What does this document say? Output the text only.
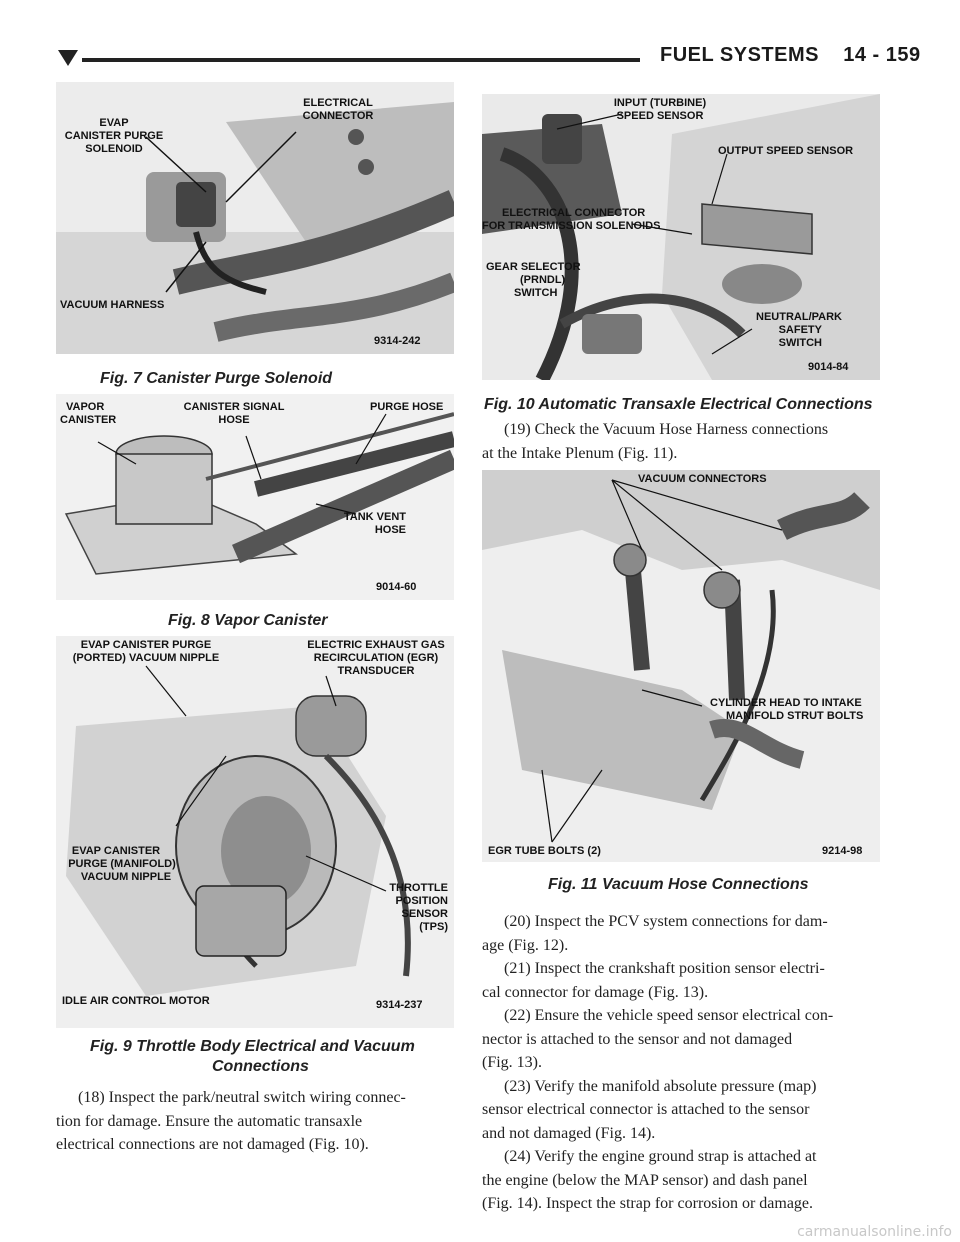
FUEL SYSTEMS 14 - 159
EVAP
CANISTER PURGE
SOLENOID
ELECTRICAL
CONNECTOR
VACUUM HARNESS
9314-242
Fig. 7 Canister Purge Solenoid
VAPOR
CANISTER
CANISTER SIGNAL
HOSE
PURGE HOSE
TANK VENT
HOSE
9014-60
Fig. 8 Vapor Canister
EVAP CANISTER PURGE
(PORTED) VACUUM NIPPLE
ELECTRIC EXHAUST GAS
RECIRCULATION (EGR)
TRANSDUCER
EVAP CANISTER
PURGE (MANIFOLD)
VACUUM NIPPLE
THROTTLE
POSITION
SENSOR
(TPS)
IDLE AIR CONTROL MOTOR	9314-237
Fig. 9 Throttle Body Electrical and Vacuum
Connections

(18) Inspect the park/neutral switch wiring connec-

tion for damage. Ensure the automatic transaxle

electrical connections are not damaged (Fig. 10).

INPUT (TURBINE)
SPEED SENSOR
OUTPUT SPEED SENSOR
ELECTRICAL CONNECTOR
FOR TRANSMISSION SOLENOIDS
GEAR SELECTOR
(PRNDL)
SWITCH
NEUTRAL/PARK
SAFETY
SWITCH
9014-84
Fig. 10 Automatic Transaxle Electrical Connections

(19) Check the Vacuum Hose Harness connections

at the Intake Plenum (Fig. 11).

VACUUM CONNECTORS
CYLINDER HEAD TO INTAKE
MANIFOLD STRUT BOLTS
EGR TUBE BOLTS (2)	9214-98
Fig. 11 Vacuum Hose Connections

(20) Inspect the PCV system connections for dam-

age (Fig. 12).

(21) Inspect the crankshaft position sensor electri-

cal connector for damage (Fig. 13).

(22) Ensure the vehicle speed sensor electrical con-

nector is attached to the sensor and not damaged

(Fig. 13).

(23) Verify the manifold absolute pressure (map)

sensor electrical connector is attached to the sensor

and not damaged (Fig. 14).

(24) Verify the engine ground strap is attached at

the engine (below the MAP sensor) and dash panel

(Fig. 14). Inspect the strap for corrosion or damage.

carmanualsonline.info
